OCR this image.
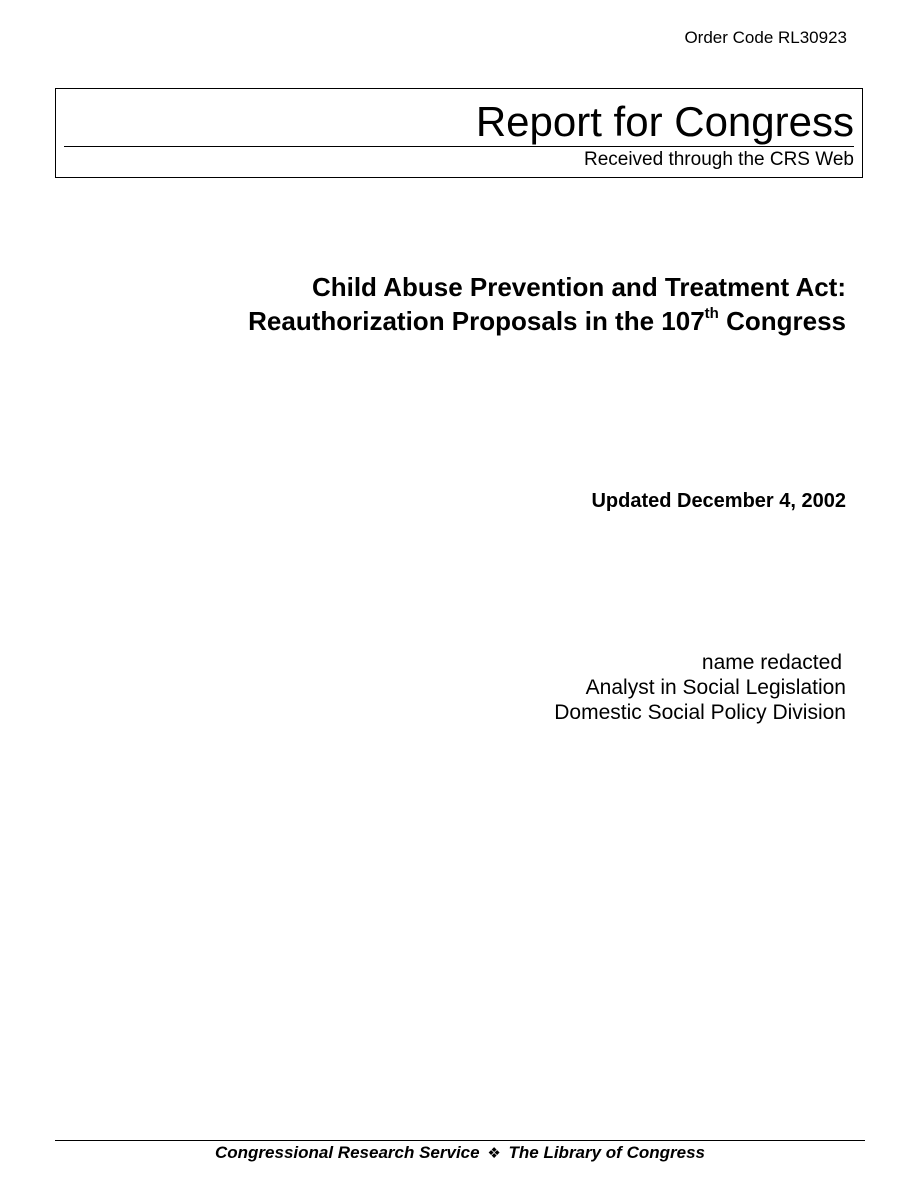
Order Code RL30923
Report for Congress
Received through the CRS Web
Child Abuse Prevention and Treatment Act:
Reauthorization Proposals in the 107th Congress
Updated December 4, 2002
name redacted
Analyst in Social Legislation
Domestic Social Policy Division
Congressional Research Service ❖ The Library of Congress
